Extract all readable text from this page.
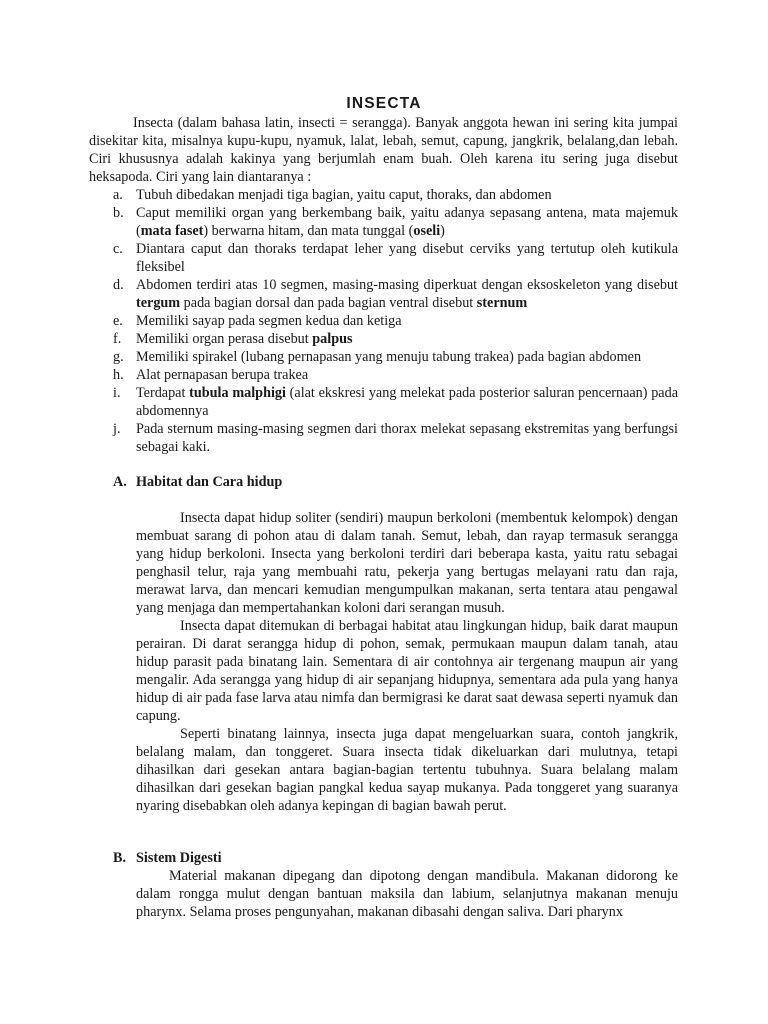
INSECTA

Insecta (dalam bahasa latin, insecti = serangga). Banyak anggota hewan ini sering kita jumpai disekitar kita, misalnya kupu-kupu, nyamuk, lalat, lebah, semut, capung, jangkrik, belalang,dan lebah. Ciri khususnya adalah kakinya yang berjumlah enam buah. Oleh karena itu sering juga disebut heksapoda. Ciri yang lain diantaranya :

a. Tubuh dibedakan menjadi tiga bagian, yaitu caput, thoraks, dan abdomen
b. Caput memiliki organ yang berkembang baik, yaitu adanya sepasang antena, mata majemuk (mata faset) berwarna hitam, dan mata tunggal (oseli)
c. Diantara caput dan thoraks terdapat leher yang disebut cerviks yang tertutup oleh kutikula fleksibel
d. Abdomen terdiri atas 10 segmen, masing-masing diperkuat dengan eksoskeleton yang disebut tergum pada bagian dorsal dan pada bagian ventral disebut sternum
e. Memiliki sayap pada segmen kedua dan ketiga
f. Memiliki organ perasa disebut palpus
g. Memiliki spirakel (lubang pernapasan yang menuju tabung trakea) pada bagian abdomen
h. Alat pernapasan berupa trakea
i. Terdapat tubula malphigi (alat ekskresi yang melekat pada posterior saluran pencernaan) pada abdomennya
j. Pada sternum masing-masing segmen dari thorax melekat sepasang ekstremitas yang berfungsi sebagai kaki.
A. Habitat dan Cara hidup

Insecta dapat hidup soliter (sendiri) maupun berkoloni (membentuk kelompok) dengan membuat sarang di pohon atau di dalam tanah. Semut, lebah, dan rayap termasuk serangga yang hidup berkoloni. Insecta yang berkoloni terdiri dari beberapa kasta, yaitu ratu sebagai penghasil telur, raja yang membuahi ratu, pekerja yang bertugas melayani ratu dan raja, merawat larva, dan mencari kemudian mengumpulkan makanan, serta tentara atau pengawal yang menjaga dan mempertahankan koloni dari serangan musuh.

Insecta dapat ditemukan di berbagai habitat atau lingkungan hidup, baik darat maupun perairan. Di darat serangga hidup di pohon, semak, permukaan maupun dalam tanah, atau hidup parasit pada binatang lain. Sementara di air contohnya air tergenang maupun air yang mengalir. Ada serangga yang hidup di air sepanjang hidupnya, sementara ada pula yang hanya hidup di air pada fase larva atau nimfa dan bermigrasi ke darat saat dewasa seperti nyamuk dan capung.

Seperti binatang lainnya, insecta juga dapat mengeluarkan suara, contoh jangkrik, belalang malam, dan tonggeret. Suara insecta tidak dikeluarkan dari mulutnya, tetapi dihasilkan dari gesekan antara bagian-bagian tertentu tubuhnya. Suara belalang malam dihasilkan dari gesekan bagian pangkal kedua sayap mukanya. Pada tonggeret yang suaranya nyaring disebabkan oleh adanya kepingan di bagian bawah perut.

B. Sistem Digesti

Material makanan dipegang dan dipotong dengan mandibula. Makanan didorong ke dalam rongga mulut dengan bantuan maksila dan labium, selanjutnya makanan menuju pharynx. Selama proses pengunyahan, makanan dibasahi dengan saliva. Dari pharynx
